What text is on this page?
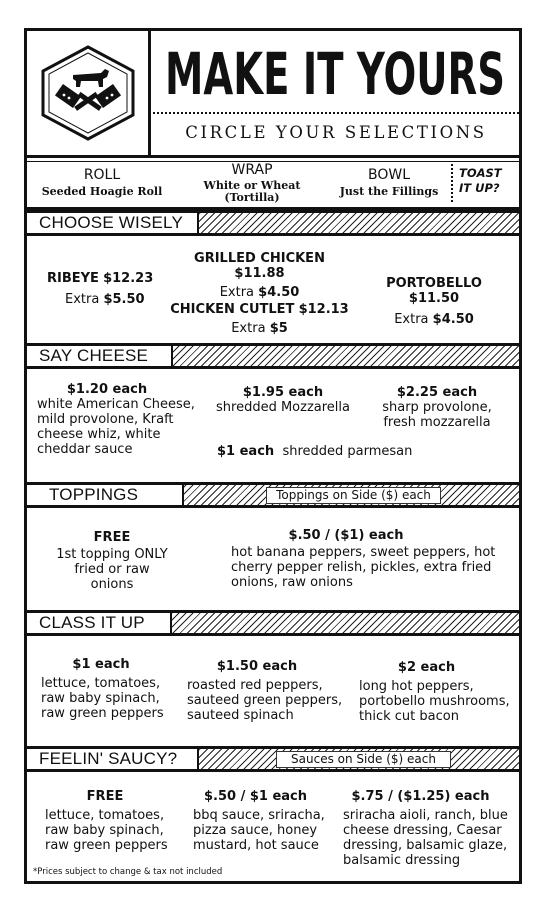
MAKE IT YOURS
CIRCLE YOUR SELECTIONS
ROLL
Seeded Hoagie Roll
WRAP
White or Wheat
(Tortilla)
BOWL
Just the Fillings
TOAST IT UP?
CHOOSE WISELY
RIBEYE $12.23
Extra $5.50
GRILLED CHICKEN $11.88
Extra $4.50
CHICKEN CUTLET $12.13
Extra $5
PORTOBELLO $11.50
Extra $4.50
SAY CHEESE
$1.20 each
white American Cheese, mild provolone, Kraft cheese whiz, white cheddar sauce
$1.95 each
shredded Mozzarella
$2.25 each
sharp provolone, fresh mozzarella
$1 each shredded parmesan
TOPPINGS	Toppings on Side ($) each
FREE
1st topping ONLY fried or raw onions
$.50 / ($1) each
hot banana peppers, sweet peppers, hot cherry pepper relish, pickles, extra fried onions, raw onions
CLASS IT UP
$1 each
lettuce, tomatoes, raw baby spinach, raw green peppers
$1.50 each
roasted red peppers, sauteed green peppers, sauteed spinach
$2 each
long hot peppers, portobello mushrooms, thick cut bacon
FEELIN' SAUCY?	Sauces on Side ($) each
FREE
lettuce, tomatoes, raw baby spinach, raw green peppers
$.50 / $1 each
bbq sauce, sriracha, pizza sauce, honey mustard, hot sauce
$.75 / ($1.25) each
sriracha aioli, ranch, blue cheese dressing, Caesar dressing, balsamic glaze, balsamic dressing
*Prices subject to change & tax not included
